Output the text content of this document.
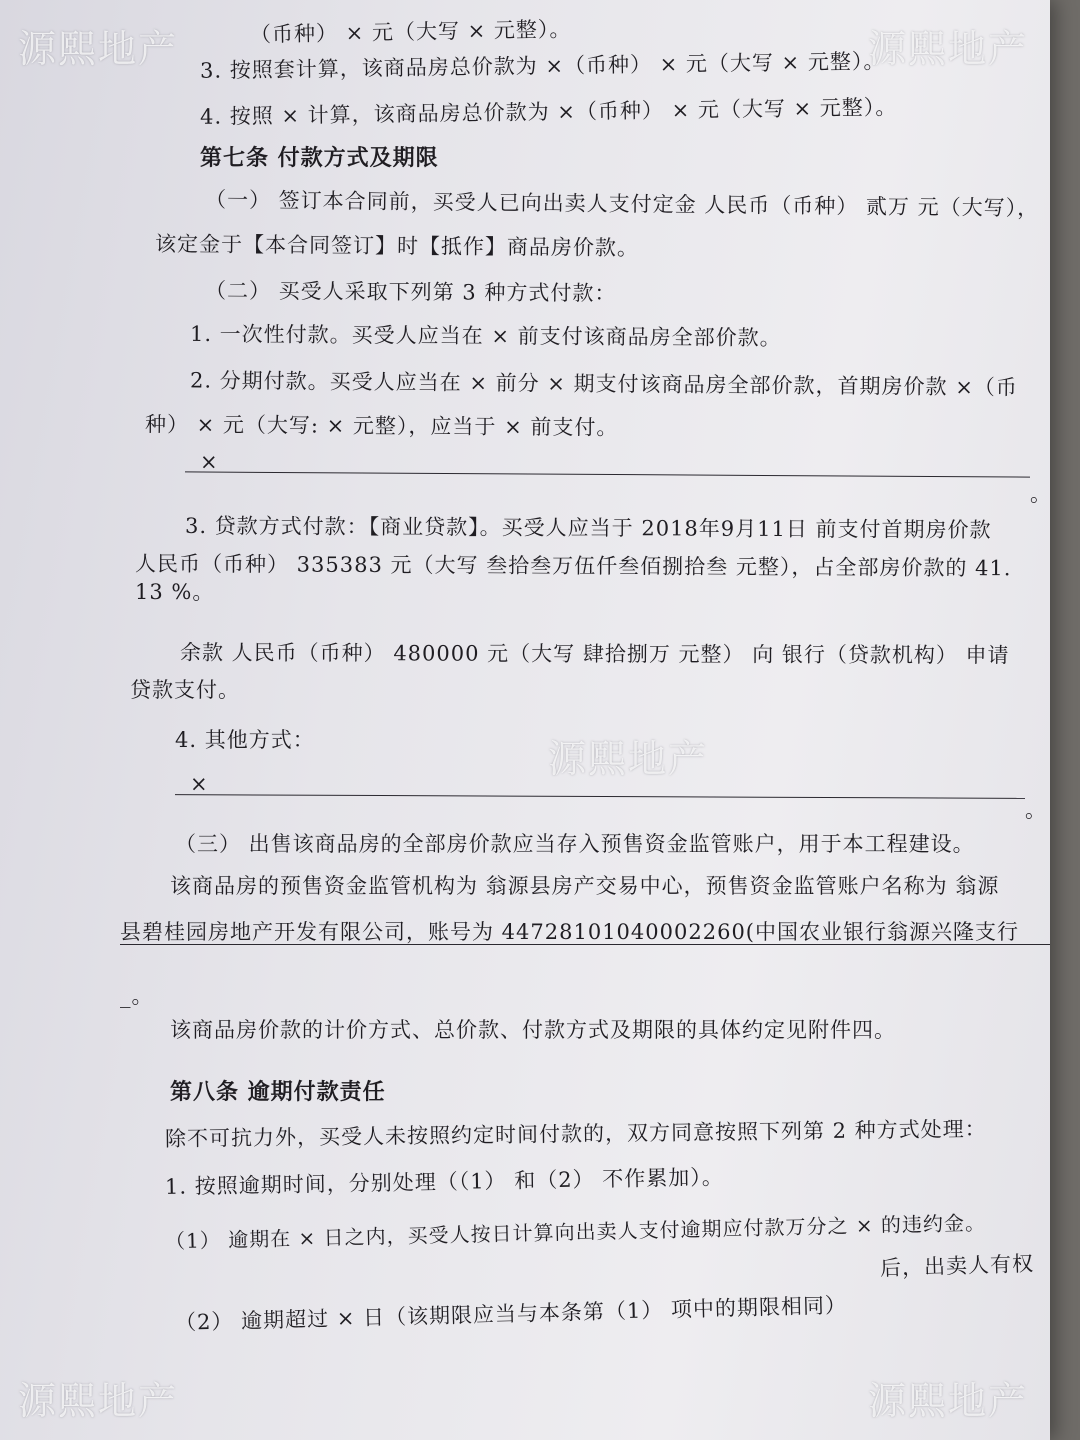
（币种） × 元（大写 × 元整）。
3. 按照套计算，该商品房总价款为 ×（币种） × 元（大写 × 元整）。
4. 按照 × 计算，该商品房总价款为 ×（币种） × 元（大写 × 元整）。
第七条 付款方式及期限
（一） 签订本合同前，买受人已向出卖人支付定金 人民币（币种） 贰万 元（大写），
该定金于【本合同签订】时【抵作】商品房价款。
（二） 买受人采取下列第 3 种方式付款：
1. 一次性付款。买受人应当在 × 前支付该商品房全部价款。
2. 分期付款。买受人应当在 × 前分 × 期支付该商品房全部价款，首期房价款 ×（币
种） × 元（大写: × 元整），应当于 × 前支付。
×
。
3. 贷款方式付款：【商业贷款】。买受人应当于 2018年9月11日 前支付首期房价款
人民币（币种） 335383 元（大写 叁拾叁万伍仟叁佰捌拾叁 元整），占全部房价款的 41.
13 %。
余款 人民币（币种） 480000 元（大写 肆拾捌万 元整） 向 银行（贷款机构） 申请
贷款支付。
4. 其他方式：
×
。
（三） 出售该商品房的全部房价款应当存入预售资金监管账户，用于本工程建设。
该商品房的预售资金监管机构为 翁源县房产交易中心，预售资金监管账户名称为 翁源
县碧桂园房地产开发有限公司，账号为 44728101040002260(中国农业银行翁源兴隆支行
_。
该商品房价款的计价方式、总价款、付款方式及期限的具体约定见附件四。
第八条 逾期付款责任
除不可抗力外，买受人未按照约定时间付款的，双方同意按照下列第 2 种方式处理：
1. 按照逾期时间，分别处理（（1） 和（2） 不作累加）。
（1） 逾期在 × 日之内，买受人按日计算向出卖人支付逾期应付款万分之 × 的违约金。
后，出卖人有权
（2） 逾期超过 × 日（该期限应当与本条第（1） 项中的期限相同）
源熙地产	源熙地产
源熙地产
源熙地产	源熙地产
